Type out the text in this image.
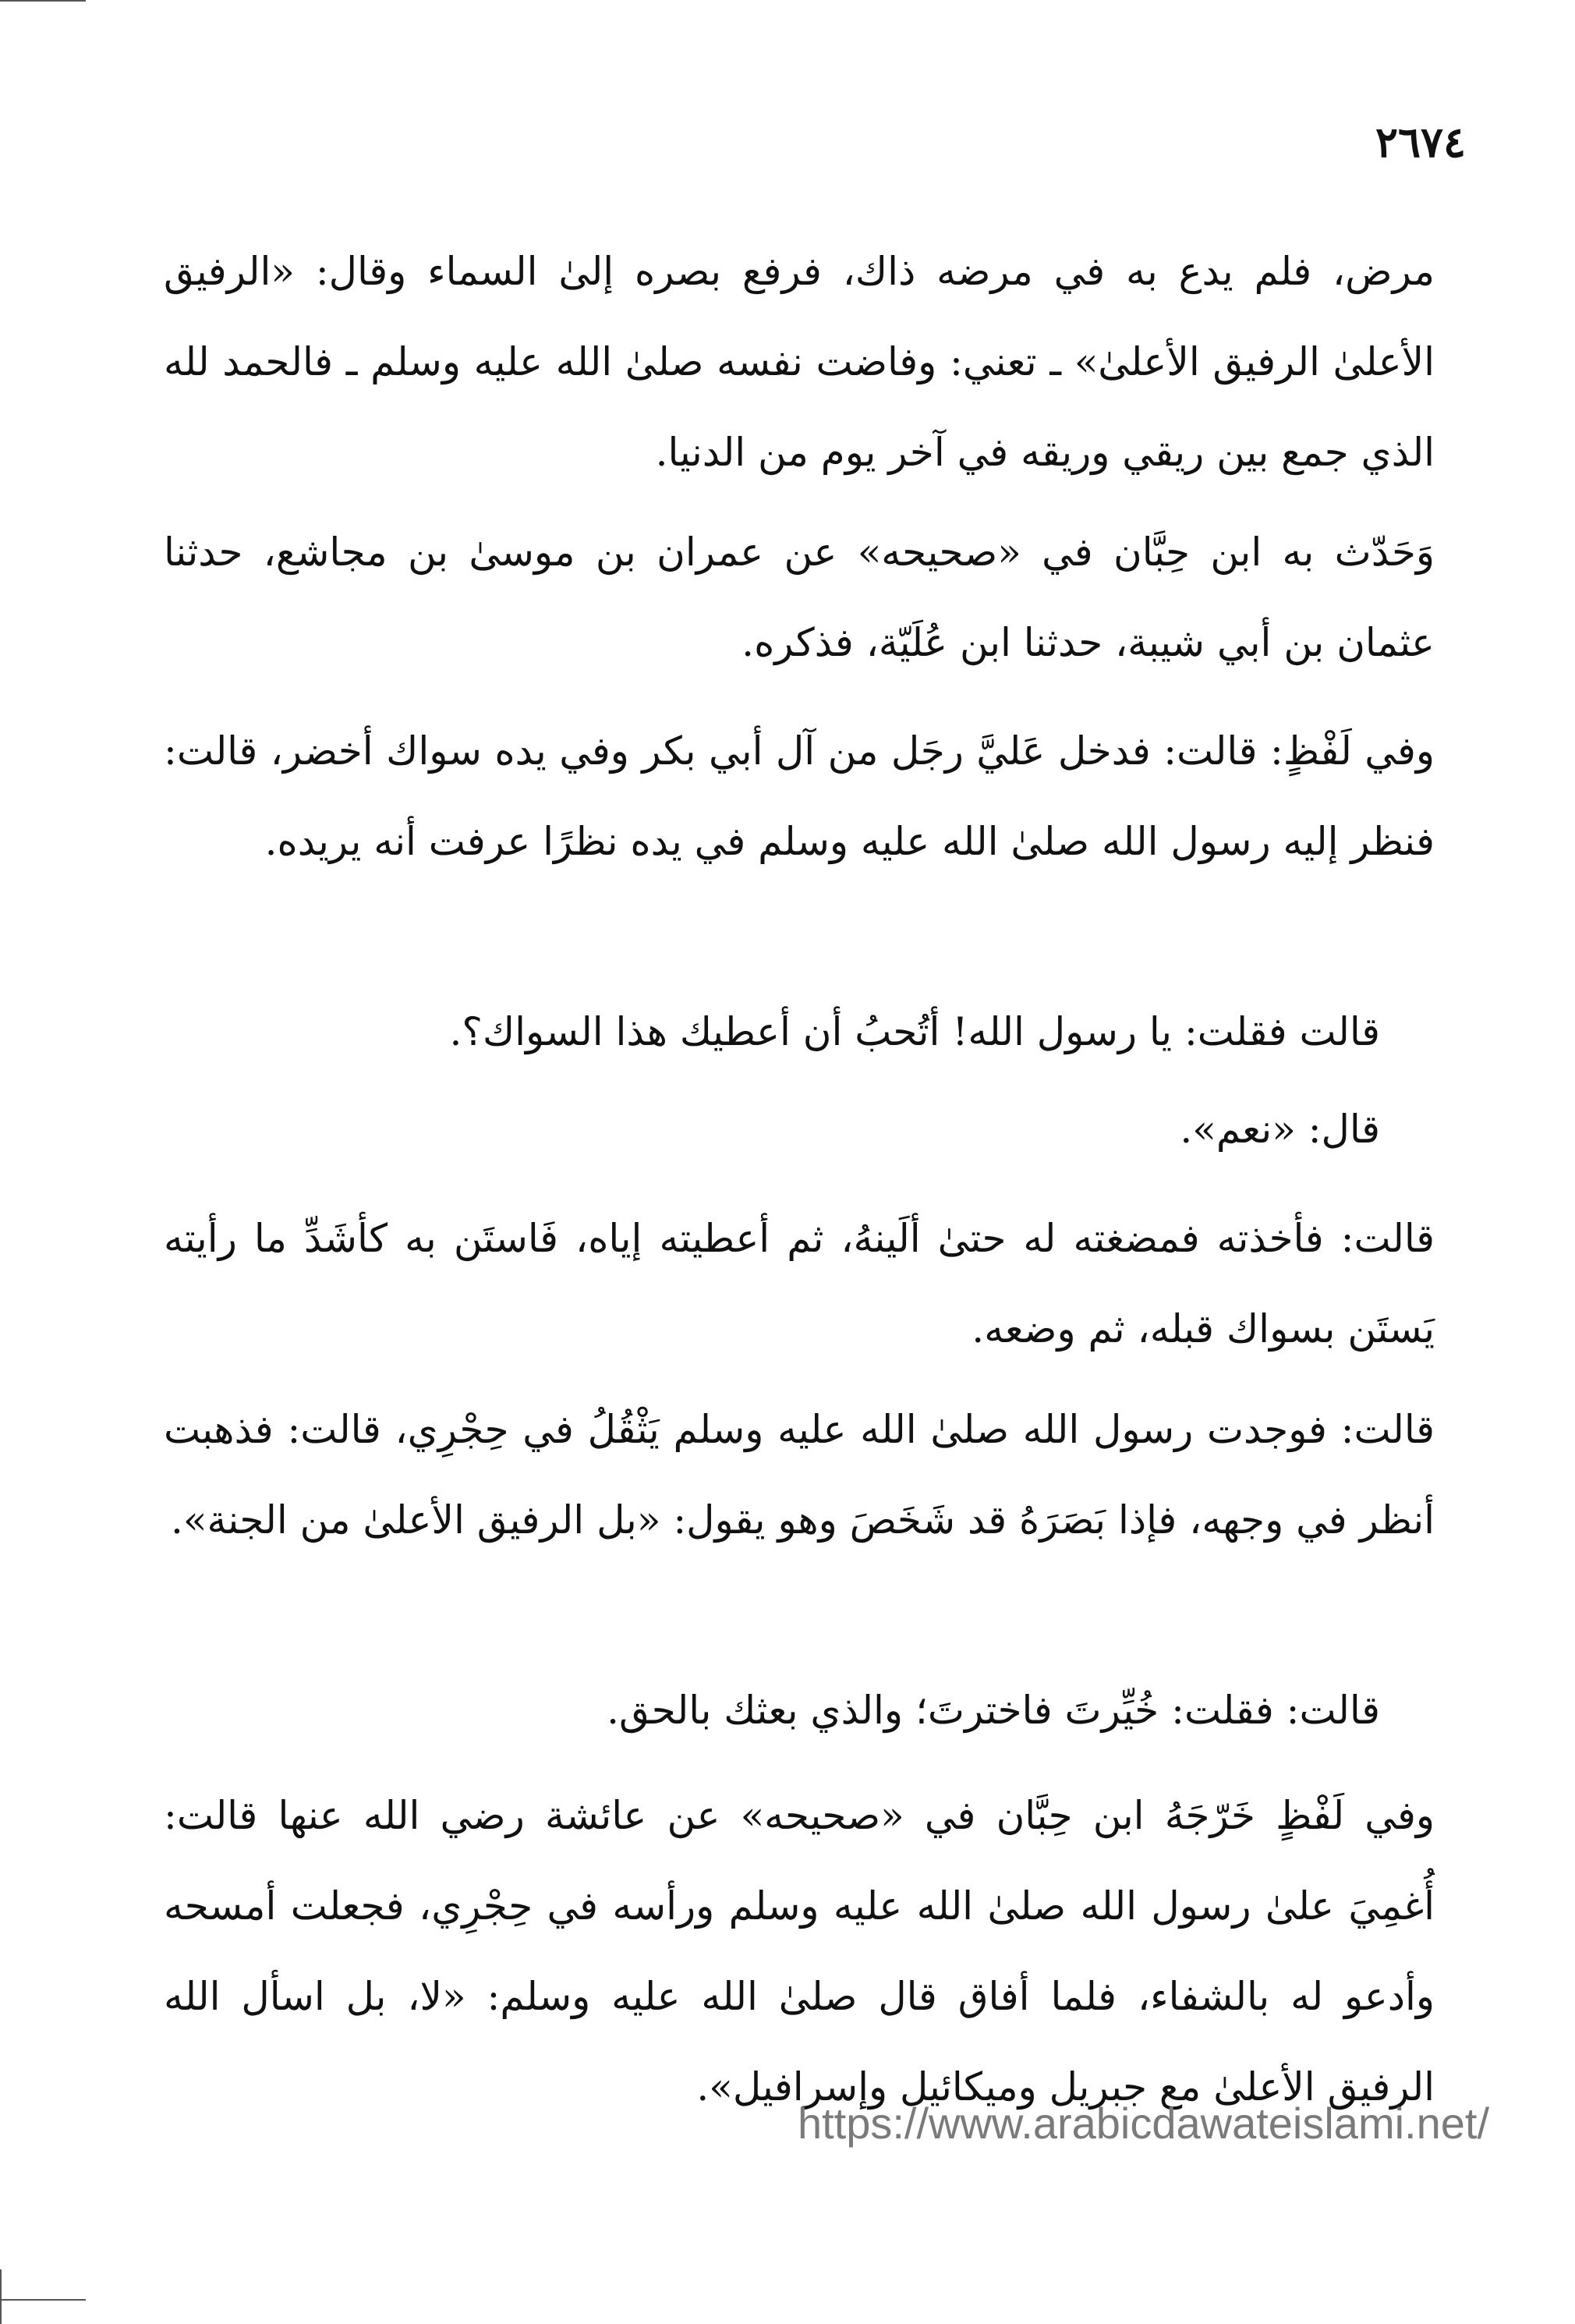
٢٦٧٤
مرض، فلم يدع به في مرضه ذاك، فرفع بصره إلىٰ السماء وقال: «الرفيق الأعلىٰ الرفيق الأعلىٰ» ـ تعني: وفاضت نفسه صلىٰ الله عليه وسلم ـ فالحمد لله الذي جمع بين ريقي وريقه في آخر يوم من الدنيا.
وَحَدّث به ابن حِبَّان في «صحيحه» عن عمران بن موسىٰ بن مجاشع، حدثنا عثمان بن أبي شيبة، حدثنا ابن عُلَيّة، فذكره.
وفي لَفْظٍ: قالت: فدخل عَليَّ رجَل من آل أبي بكر وفي يده سواك أخضر، قالت: فنظر إليه رسول الله صلىٰ الله عليه وسلم في يده نظرًا عرفت أنه يريده.
قالت فقلت: يا رسول الله! أتُحبُ أن أعطيك هذا السواك؟.
قال: «نعم».
قالت: فأخذته فمضغته له حتىٰ ألَينهُ، ثم أعطيته إياه، فَاستَن به كأشَدِّ ما رأيته يَستَن بسواك قبله، ثم وضعه.
قالت: فوجدت رسول الله صلىٰ الله عليه وسلم يَثْقُلُ في حِجْرِي، قالت: فذهبت أنظر في وجهه، فإذا بَصَرَهُ قد شَخَصَ وهو يقول: «بل الرفيق الأعلىٰ من الجنة».
قالت: فقلت: خُيِّرتَ فاخترتَ؛ والذي بعثك بالحق.
وفي لَفْظٍ خَرّجَهُ ابن حِبَّان في «صحيحه» عن عائشة رضي الله عنها قالت: أُغمِيَ علىٰ رسول الله صلىٰ الله عليه وسلم ورأسه في حِجْرِي، فجعلت أمسحه وأدعو له بالشفاء، فلما أفاق قال صلىٰ الله عليه وسلم: «لا، بل اسأل الله الرفيق الأعلىٰ مع جبريل وميكائيل وإسرافيل».
https://www.arabicdawateislami.net/
